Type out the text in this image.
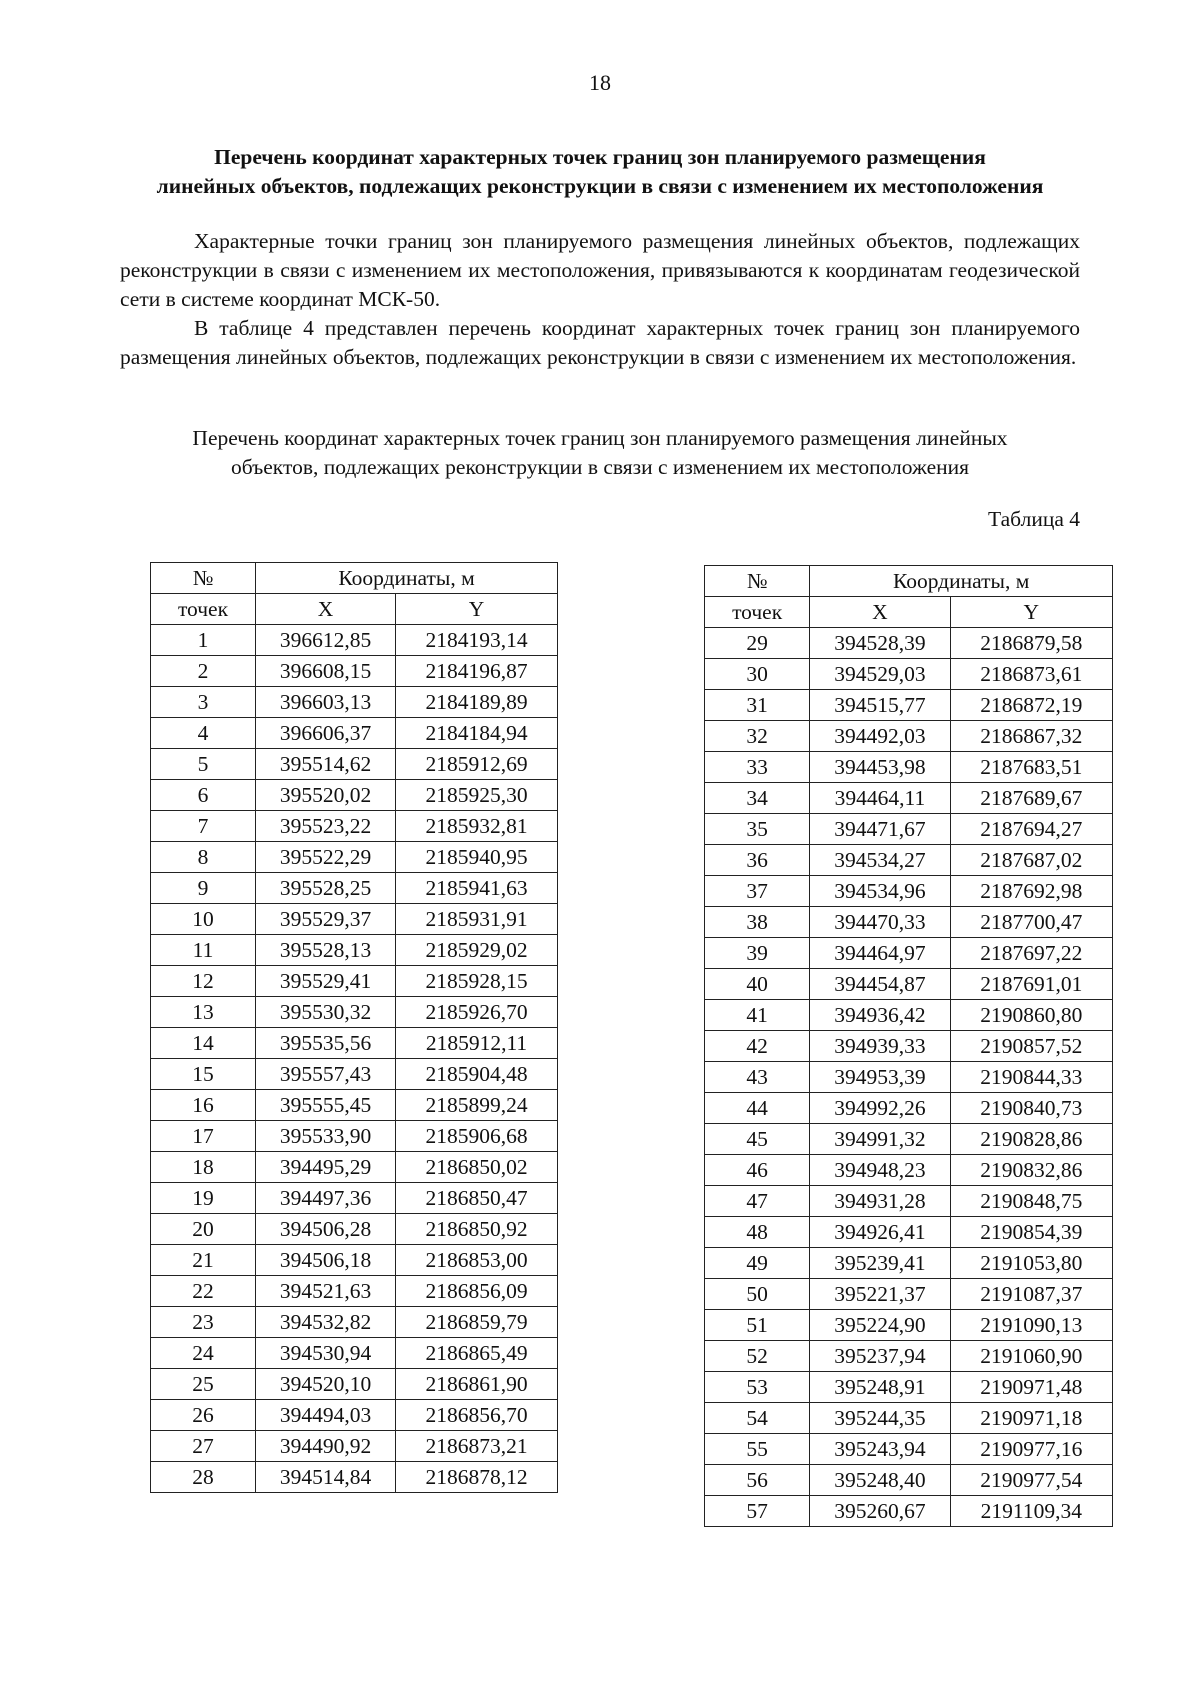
18
Перечень координат характерных точек границ зон планируемого размещения
линейных объектов, подлежащих реконструкции в связи с изменением их местоположения

Характерные точки границ зон планируемого размещения линейных объектов, подлежащих реконструкции в связи с изменением их местоположения, привязываются к координатам геодезической сети в системе координат МСК-50.

В таблице 4 представлен перечень координат характерных точек границ зон планируемого размещения линейных объектов, подлежащих реконструкции в связи с изменением их местоположения.

Перечень координат характерных точек границ зон планируемого размещения линейных
объектов, подлежащих реконструкции в связи с изменением их местоположения
Таблица 4
№	Координаты, м	
точек	X	Y
1	396612,85	2184193,14
2	396608,15	2184196,87
3	396603,13	2184189,89
4	396606,37	2184184,94
5	395514,62	2185912,69
6	395520,02	2185925,30
7	395523,22	2185932,81
8	395522,29	2185940,95
9	395528,25	2185941,63
10	395529,37	2185931,91
11	395528,13	2185929,02
12	395529,41	2185928,15
13	395530,32	2185926,70
14	395535,56	2185912,11
15	395557,43	2185904,48
16	395555,45	2185899,24
17	395533,90	2185906,68
18	394495,29	2186850,02
19	394497,36	2186850,47
20	394506,28	2186850,92
21	394506,18	2186853,00
22	394521,63	2186856,09
23	394532,82	2186859,79
24	394530,94	2186865,49
25	394520,10	2186861,90
26	394494,03	2186856,70
27	394490,92	2186873,21
28	394514,84	2186878,12
№	Координаты, м	
точек	X	Y
29	394528,39	2186879,58
30	394529,03	2186873,61
31	394515,77	2186872,19
32	394492,03	2186867,32
33	394453,98	2187683,51
34	394464,11	2187689,67
35	394471,67	2187694,27
36	394534,27	2187687,02
37	394534,96	2187692,98
38	394470,33	2187700,47
39	394464,97	2187697,22
40	394454,87	2187691,01
41	394936,42	2190860,80
42	394939,33	2190857,52
43	394953,39	2190844,33
44	394992,26	2190840,73
45	394991,32	2190828,86
46	394948,23	2190832,86
47	394931,28	2190848,75
48	394926,41	2190854,39
49	395239,41	2191053,80
50	395221,37	2191087,37
51	395224,90	2191090,13
52	395237,94	2191060,90
53	395248,91	2190971,48
54	395244,35	2190971,18
55	395243,94	2190977,16
56	395248,40	2190977,54
57	395260,67	2191109,34
